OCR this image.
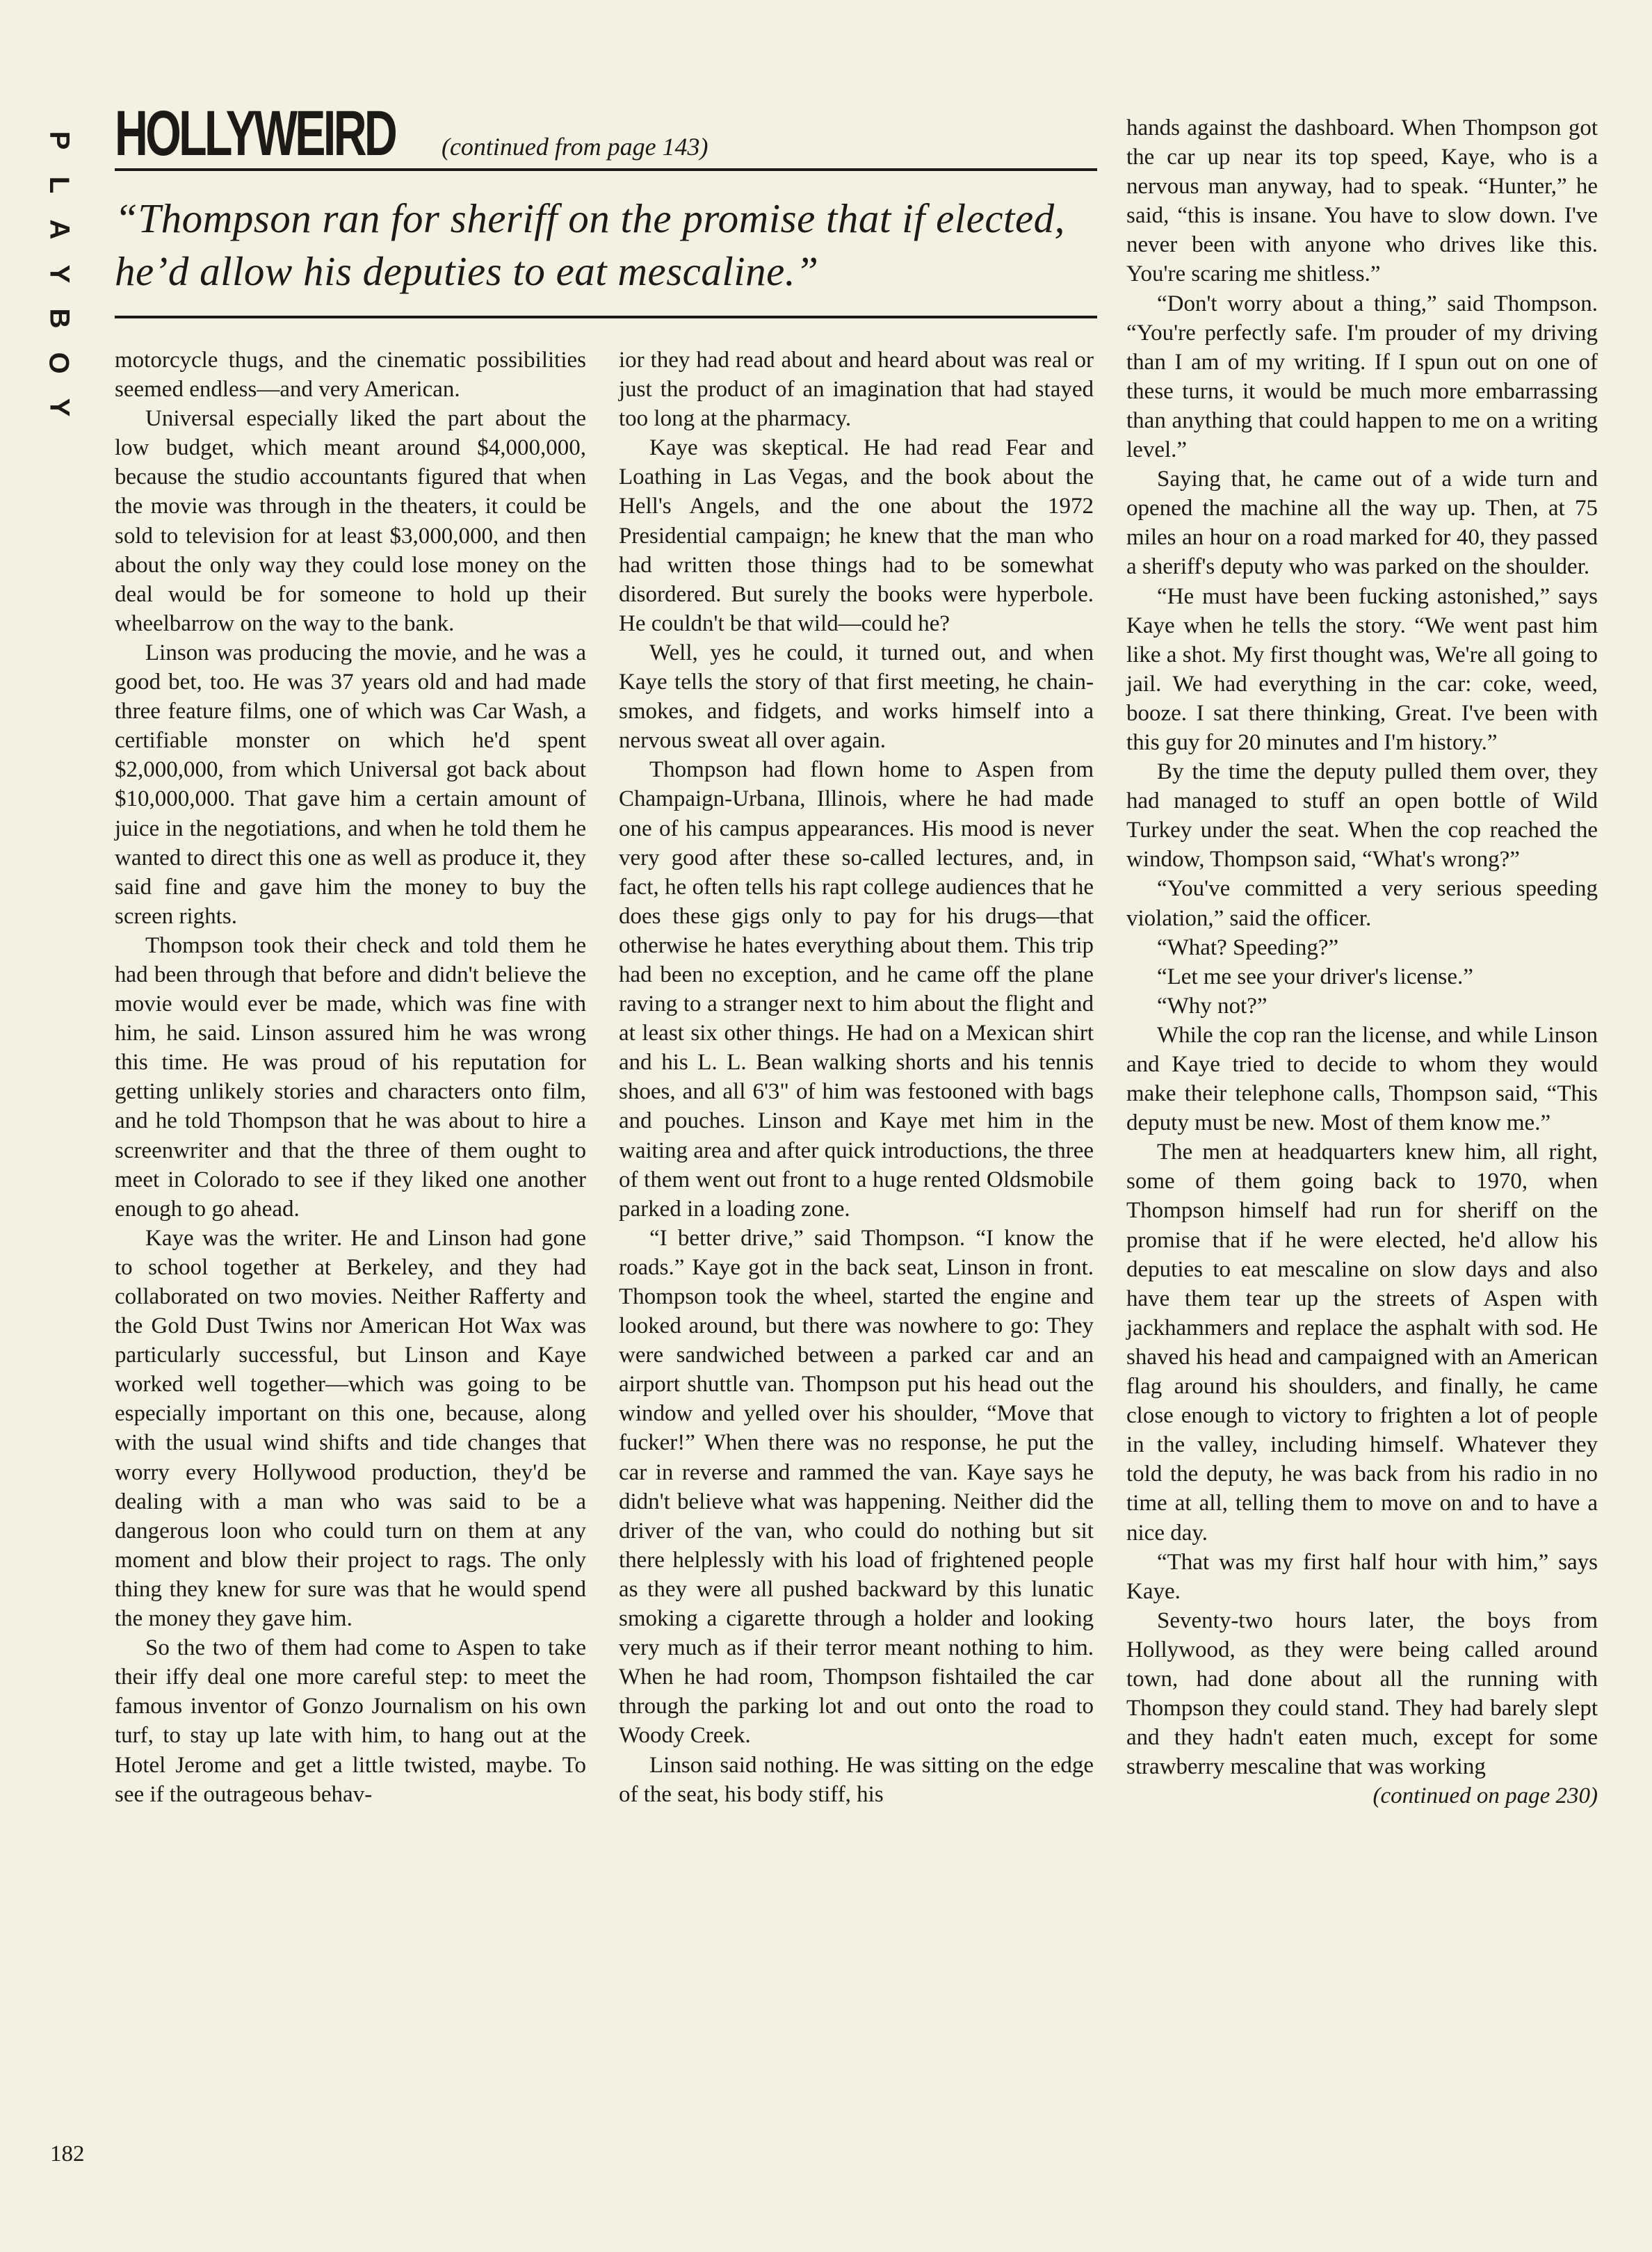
P
L
A
Y
B
O
Y
HOLLYWEIRD (continued from page 143)

“Thompson ran for sheriff on the promise that if elected, he’d allow his deputies to eat mescaline.”

motorcycle thugs, and the cinematic possibilities seemed endless—and very American.

Universal especially liked the part about the low budget, which meant around $4,000,000, because the studio accountants figured that when the movie was through in the theaters, it could be sold to television for at least $3,000,000, and then about the only way they could lose money on the deal would be for someone to hold up their wheelbarrow on the way to the bank.

Linson was producing the movie, and he was a good bet, too. He was 37 years old and had made three feature films, one of which was Car Wash, a certifiable monster on which he'd spent $2,000,000, from which Universal got back about $10,000,000. That gave him a certain amount of juice in the negotiations, and when he told them he wanted to direct this one as well as produce it, they said fine and gave him the money to buy the screen rights.

Thompson took their check and told them he had been through that before and didn't believe the movie would ever be made, which was fine with him, he said. Linson assured him he was wrong this time. He was proud of his reputation for getting unlikely stories and characters onto film, and he told Thompson that he was about to hire a screenwriter and that the three of them ought to meet in Colorado to see if they liked one another enough to go ahead.

Kaye was the writer. He and Linson had gone to school together at Berkeley, and they had collaborated on two movies. Neither Rafferty and the Gold Dust Twins nor American Hot Wax was particularly successful, but Linson and Kaye worked well together—which was going to be especially important on this one, because, along with the usual wind shifts and tide changes that worry every Hollywood production, they'd be dealing with a man who was said to be a dangerous loon who could turn on them at any moment and blow their project to rags. The only thing they knew for sure was that he would spend the money they gave him.

So the two of them had come to Aspen to take their iffy deal one more careful step: to meet the famous inventor of Gonzo Journalism on his own turf, to stay up late with him, to hang out at the Hotel Jerome and get a little twisted, maybe. To see if the outrageous behav-

ior they had read about and heard about was real or just the product of an imagination that had stayed too long at the pharmacy.

Kaye was skeptical. He had read Fear and Loathing in Las Vegas, and the book about the Hell's Angels, and the one about the 1972 Presidential campaign; he knew that the man who had written those things had to be somewhat disordered. But surely the books were hyperbole. He couldn't be that wild—could he?

Well, yes he could, it turned out, and when Kaye tells the story of that first meeting, he chain-smokes, and fidgets, and works himself into a nervous sweat all over again.

Thompson had flown home to Aspen from Champaign-Urbana, Illinois, where he had made one of his campus appearances. His mood is never very good after these so-called lectures, and, in fact, he often tells his rapt college audiences that he does these gigs only to pay for his drugs—that otherwise he hates everything about them. This trip had been no exception, and he came off the plane raving to a stranger next to him about the flight and at least six other things. He had on a Mexican shirt and his L. L. Bean walking shorts and his tennis shoes, and all 6'3" of him was festooned with bags and pouches. Linson and Kaye met him in the waiting area and after quick introductions, the three of them went out front to a huge rented Oldsmobile parked in a loading zone.

“I better drive,” said Thompson. “I know the roads.” Kaye got in the back seat, Linson in front. Thompson took the wheel, started the engine and looked around, but there was nowhere to go: They were sandwiched between a parked car and an airport shuttle van. Thompson put his head out the window and yelled over his shoulder, “Move that fucker!” When there was no response, he put the car in reverse and rammed the van. Kaye says he didn't believe what was happening. Neither did the driver of the van, who could do nothing but sit there helplessly with his load of frightened people as they were all pushed backward by this lunatic smoking a cigarette through a holder and looking very much as if their terror meant nothing to him. When he had room, Thompson fishtailed the car through the parking lot and out onto the road to Woody Creek.

Linson said nothing. He was sitting on the edge of the seat, his body stiff, his

hands against the dashboard. When Thompson got the car up near its top speed, Kaye, who is a nervous man anyway, had to speak. “Hunter,” he said, “this is insane. You have to slow down. I've never been with anyone who drives like this. You're scaring me shitless.”

“Don't worry about a thing,” said Thompson. “You're perfectly safe. I'm prouder of my driving than I am of my writing. If I spun out on one of these turns, it would be much more embarrassing than anything that could happen to me on a writing level.”

Saying that, he came out of a wide turn and opened the machine all the way up. Then, at 75 miles an hour on a road marked for 40, they passed a sheriff's deputy who was parked on the shoulder.

“He must have been fucking astonished,” says Kaye when he tells the story. “We went past him like a shot. My first thought was, We're all going to jail. We had everything in the car: coke, weed, booze. I sat there thinking, Great. I've been with this guy for 20 minutes and I'm history.”

By the time the deputy pulled them over, they had managed to stuff an open bottle of Wild Turkey under the seat. When the cop reached the window, Thompson said, “What's wrong?”

“You've committed a very serious speeding violation,” said the officer.

“What? Speeding?”

“Let me see your driver's license.”

“Why not?”

While the cop ran the license, and while Linson and Kaye tried to decide to whom they would make their telephone calls, Thompson said, “This deputy must be new. Most of them know me.”

The men at headquarters knew him, all right, some of them going back to 1970, when Thompson himself had run for sheriff on the promise that if he were elected, he'd allow his deputies to eat mescaline on slow days and also have them tear up the streets of Aspen with jackhammers and replace the asphalt with sod. He shaved his head and campaigned with an American flag around his shoulders, and finally, he came close enough to victory to frighten a lot of people in the valley, including himself. Whatever they told the deputy, he was back from his radio in no time at all, telling them to move on and to have a nice day.

“That was my first half hour with him,” says Kaye.

Seventy-two hours later, the boys from Hollywood, as they were being called around town, had done about all the running with Thompson they could stand. They had barely slept and they hadn't eaten much, except for some strawberry mescaline that was working

(continued on page 230)

182
